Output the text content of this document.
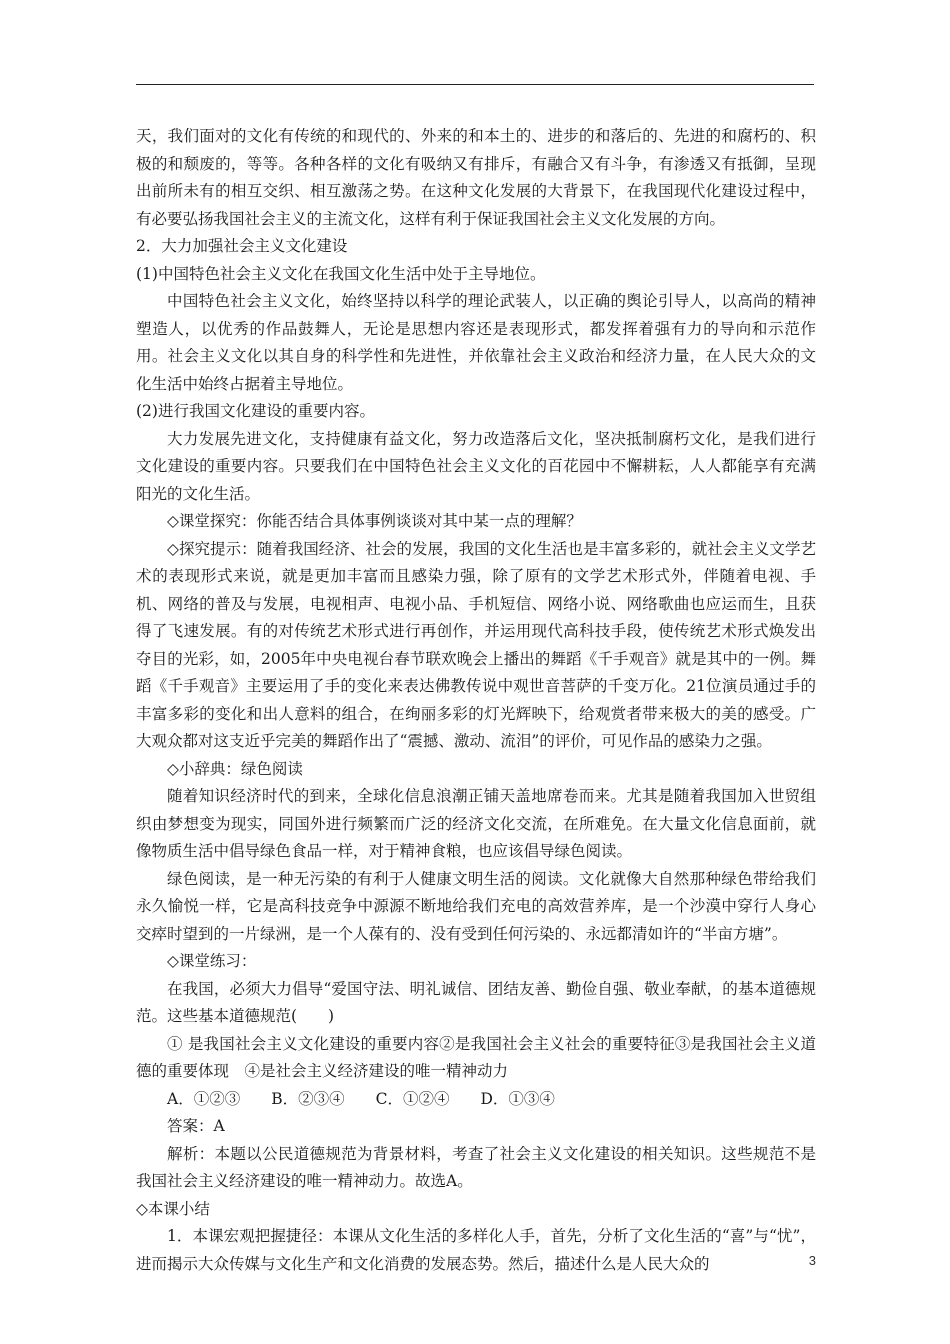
天，我们面对的文化有传统的和现代的、外来的和本土的、进步的和落后的、先进的和腐朽的、积极的和颓废的，等等。各种各样的文化有吸纳又有排斥，有融合又有斗争，有渗透又有抵御，呈现出前所未有的相互交织、相互激荡之势。在这种文化发展的大背景下，在我国现代化建设过程中，有必要弘扬我国社会主义的主流文化，这样有利于保证我国社会主义文化发展的方向。

2．大力加强社会主义文化建设

(1)中国特色社会主义文化在我国文化生活中处于主导地位。

中国特色社会主义文化，始终坚持以科学的理论武装人，以正确的舆论引导人，以高尚的精神塑造人，以优秀的作品鼓舞人，无论是思想内容还是表现形式，都发挥着强有力的导向和示范作用。社会主义文化以其自身的科学性和先进性，并依靠社会主义政治和经济力量，在人民大众的文化生活中始终占据着主导地位。

(2)进行我国文化建设的重要内容。

大力发展先进文化，支持健康有益文化，努力改造落后文化，坚决抵制腐朽文化，是我们进行文化建设的重要内容。只要我们在中国特色社会主义文化的百花园中不懈耕耘，人人都能享有充满阳光的文化生活。

◇课堂探究：你能否结合具体事例谈谈对其中某一点的理解？

◇探究提示：随着我国经济、社会的发展，我国的文化生活也是丰富多彩的，就社会主义文学艺术的表现形式来说，就是更加丰富而且感染力强，除了原有的文学艺术形式外，伴随着电视、手机、网络的普及与发展，电视相声、电视小品、手机短信、网络小说、网络歌曲也应运而生，且获得了飞速发展。有的对传统艺术形式进行再创作，并运用现代高科技手段，使传统艺术形式焕发出夺目的光彩，如，2005年中央电视台春节联欢晚会上播出的舞蹈《千手观音》就是其中的一例。舞蹈《千手观音》主要运用了手的变化来表达佛教传说中观世音菩萨的千变万化。21位演员通过手的丰富多彩的变化和出人意料的组合，在绚丽多彩的灯光辉映下，给观赏者带来极大的美的感受。广大观众都对这支近乎完美的舞蹈作出了“震撼、激动、流泪”的评价，可见作品的感染力之强。

◇小辞典：绿色阅读

随着知识经济时代的到来，全球化信息浪潮正铺天盖地席卷而来。尤其是随着我国加入世贸组织由梦想变为现实，同国外进行频繁而广泛的经济文化交流，在所难免。在大量文化信息面前，就像物质生活中倡导绿色食品一样，对于精神食粮，也应该倡导绿色阅读。

绿色阅读，是一种无污染的有利于人健康文明生活的阅读。文化就像大自然那种绿色带给我们永久愉悦一样，它是高科技竞争中源源不断地给我们充电的高效营养库，是一个沙漠中穿行人身心交瘁时望到的一片绿洲，是一个人葆有的、没有受到任何污染的、永远都清如许的“半亩方塘”。

◇课堂练习：

在我国，必须大力倡导“爱国守法、明礼诚信、团结友善、勤俭自强、敬业奉献，的基本道德规范。这些基本道德规范(　　)

① 是我国社会主义文化建设的重要内容②是我国社会主义社会的重要特征③是我国社会主义道德的重要体现　④是社会主义经济建设的唯一精神动力

A．①②③　　B．②③④　　C．①②④　　D．①③④

答案：A

解析：本题以公民道德规范为背景材料，考查了社会主义文化建设的相关知识。这些规范不是我国社会主义经济建设的唯一精神动力。故选A。

◇本课小结

1．本课宏观把握捷径：本课从文化生活的多样化人手，首先，分析了文化生活的“喜”与“忧”，进而揭示大众传媒与文化生产和文化消费的发展态势。然后，描述什么是人民大众的	3
